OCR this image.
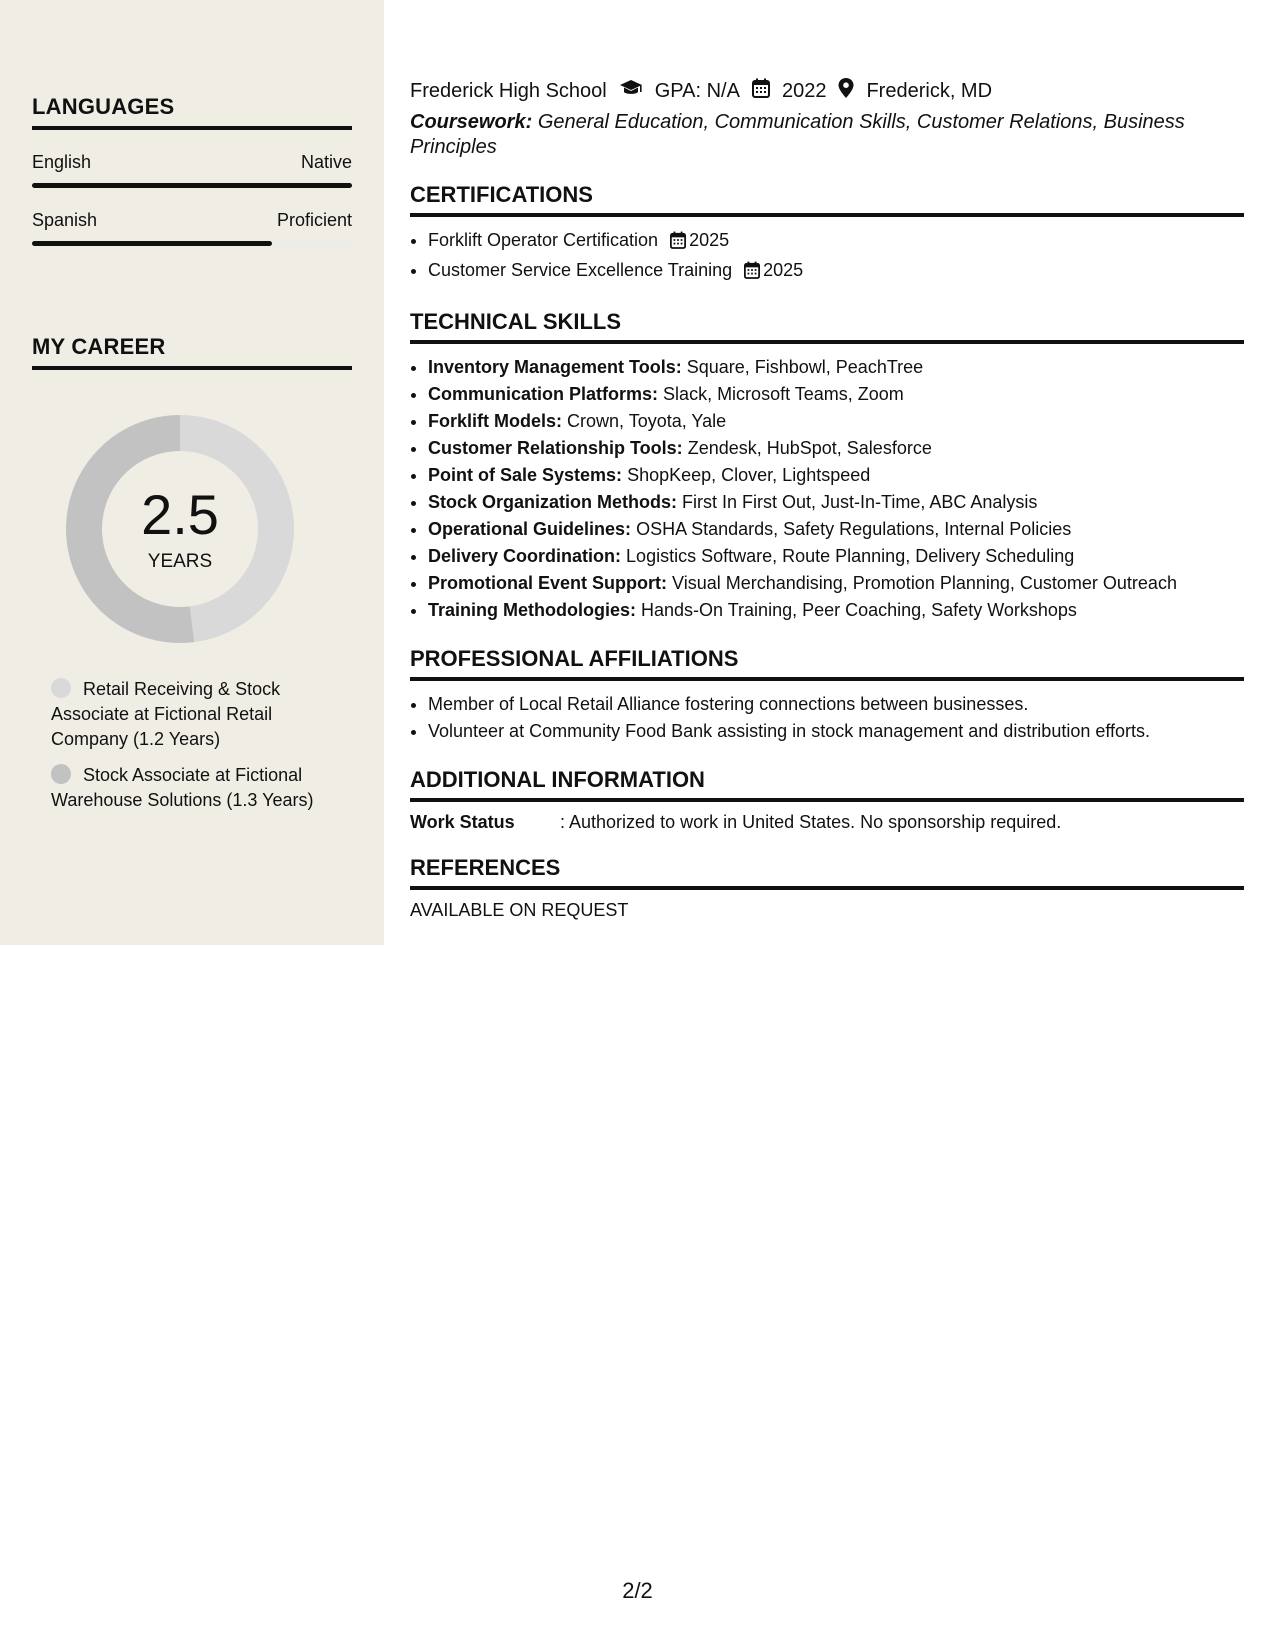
LANGUAGES
English	Native
Spanish	Proficient
MY CAREER
2.5
YEARS
Retail Receiving & Stock Associate at Fictional Retail Company (1.2 Years)
Stock Associate at Fictional Warehouse Solutions (1.3 Years)
Frederick High School GPA: N/A 2022 Frederick, MD
Coursework: General Education, Communication Skills, Customer Relations, Business Principles
CERTIFICATIONS
• Forklift Operator Certification 2025
• Customer Service Excellence Training 2025
TECHNICAL SKILLS
• Inventory Management Tools: Square, Fishbowl, PeachTree
• Communication Platforms: Slack, Microsoft Teams, Zoom
• Forklift Models: Crown, Toyota, Yale
• Customer Relationship Tools: Zendesk, HubSpot, Salesforce
• Point of Sale Systems: ShopKeep, Clover, Lightspeed
• Stock Organization Methods: First In First Out, Just-In-Time, ABC Analysis
• Operational Guidelines: OSHA Standards, Safety Regulations, Internal Policies
• Delivery Coordination: Logistics Software, Route Planning, Delivery Scheduling
• Promotional Event Support: Visual Merchandising, Promotion Planning, Customer Outreach
• Training Methodologies: Hands-On Training, Peer Coaching, Safety Workshops
PROFESSIONAL AFFILIATIONS
• Member of Local Retail Alliance fostering connections between businesses.
• Volunteer at Community Food Bank assisting in stock management and distribution efforts.
ADDITIONAL INFORMATION
Work Status	: Authorized to work in United States. No sponsorship required.
REFERENCES
AVAILABLE ON REQUEST
2/2
